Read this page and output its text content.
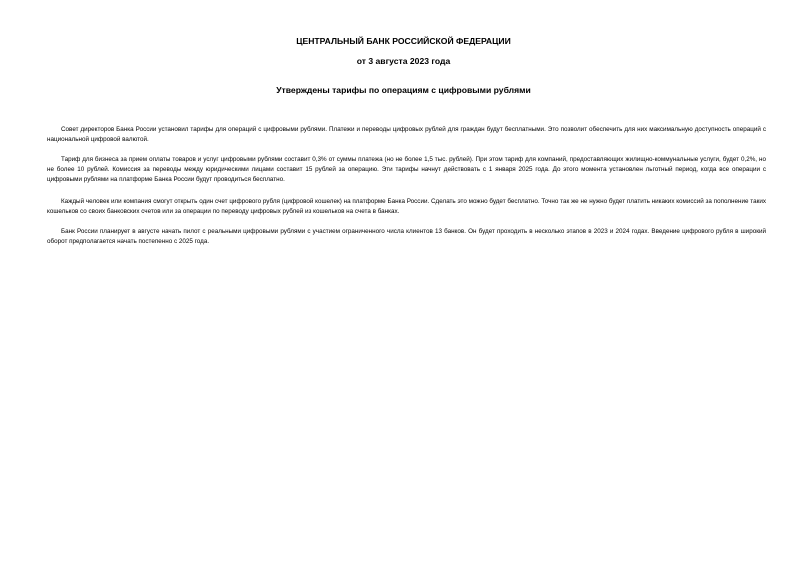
ЦЕНТРАЛЬНЫЙ БАНК РОССИЙСКОЙ ФЕДЕРАЦИИ
от 3 августа 2023 года
Утверждены тарифы по операциям с цифровыми рублями

Совет директоров Банка России установил тарифы для операций с цифровыми рублями. Платежи и переводы цифровых рублей для граждан будут бесплатными. Это позволит обеспечить для них максимальную доступность операций с национальной цифровой валютой.

Тариф для бизнеса за прием оплаты товаров и услуг цифровыми рублями составит 0,3% от суммы платежа (но не более 1,5 тыс. рублей). При этом тариф для компаний, предоставляющих жилищно-коммунальные услуги, будет 0,2%, но не более 10 рублей. Комиссия за переводы между юридическими лицами составит 15 рублей за операцию. Эти тарифы начнут действовать с 1 января 2025 года. До этого момента установлен льготный период, когда все операции с цифровыми рублями на платформе Банка России будут проводиться бесплатно.

Каждый человек или компания смогут открыть один счет цифрового рубля (цифровой кошелек) на платформе Банка России. Сделать это можно будет бесплатно. Точно так же не нужно будет платить никаких комиссий за пополнение таких кошельков со своих банковских счетов или за операции по переводу цифровых рублей из кошельков на счета в банках.

Банк России планирует в августе начать пилот с реальными цифровыми рублями с участием ограниченного числа клиентов 13 банков. Он будет проходить в несколько этапов в 2023 и 2024 годах. Введение цифрового рубля в широкий оборот предполагается начать постепенно с 2025 года.
